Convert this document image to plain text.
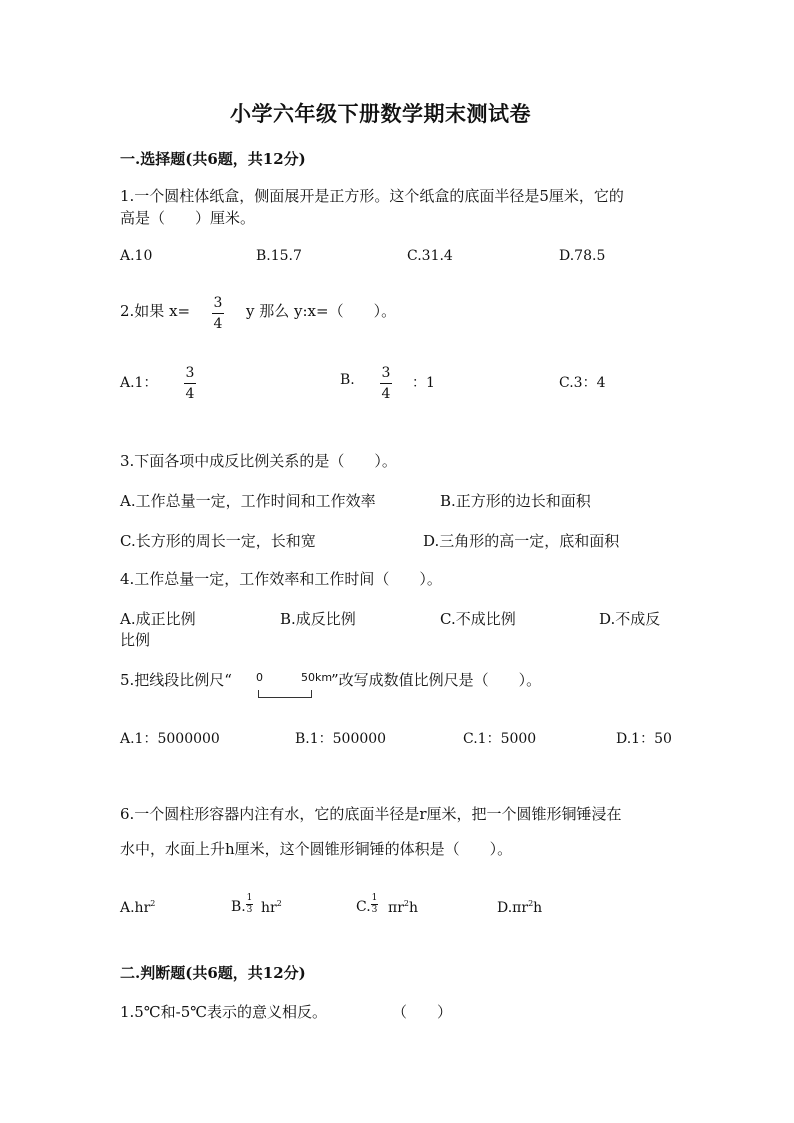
小学六年级下册数学期末测试卷
一.选择题(共6题，共12分)
1.一个圆柱体纸盒，侧面展开是正方形。这个纸盒的底面半径是5厘米，它的
高是（　　）厘米。
A.10	B.15.7	C.31.4	D.78.5
2.如果 x= 3
4
y 那么 y:x=（　　）。
A.1：
3
4
B. 3
4
：1	C.3：4
3.下面各项中成反比例关系的是（　　）。
A.工作总量一定，工作时间和工作效率	B.正方形的边长和面积
C.长方形的周长一定，长和宽	D.三角形的高一定，底和面积
4.工作总量一定，工作效率和工作时间（　　）。
A.成正比例	B.成反比例	C.不成比例	D.不成反
比例
5.把线段比例尺“ 0	50km
”改写成数值比例尺是（　　）。
A.1：5000000	B.1：500000	C.1：5000	D.1：50
6.一个圆柱形容器内注有水，它的底面半径是r厘米，把一个圆锥形铜锤浸在
水中，水面上升h厘米，这个圆锥形铜锤的体积是（　　）。
$A.hr^2$	B.
1
3 $hr^2$	C.
1
3 $\pi r^2h$	$D.\pi r^2h$
二.判断题(共6题，共12分)
1.5℃和-5℃表示的意义相反。	（　　）
